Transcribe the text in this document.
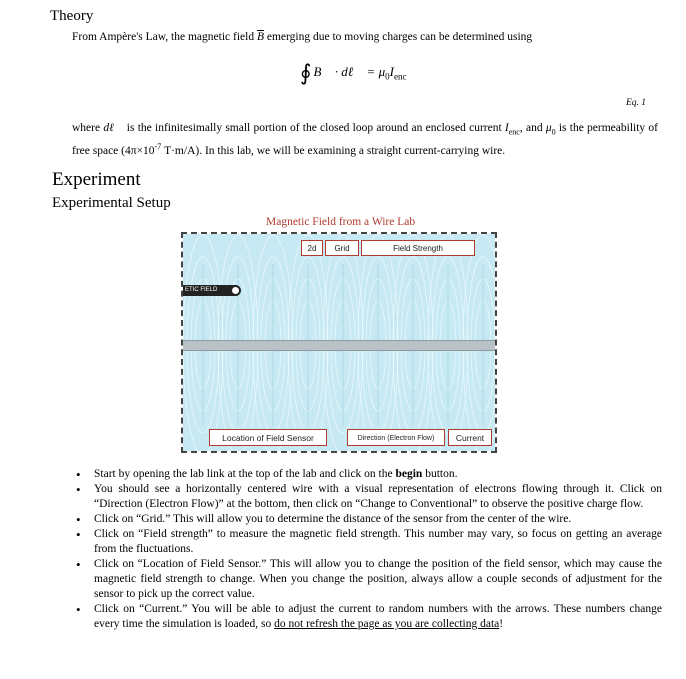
Theory
From Ampère's Law, the magnetic field $\overline{B}$ emerging due to moving charges can be determined using
∮ B⃗ · dℓ⃗ = $\mu_0I_{enc}$
Eq. 1
where dℓ⃗ is the infinitesimally small portion of the closed loop around an enclosed current $I_{enc}$, and $\mu_0$ is the permeability of free space ($4\pi\times 10^{-7}$ T·m/A). In this lab, we will be examining a straight current-carrying wire.
Experiment
Experimental Setup
Magnetic Field from a Wire Lab
ETIC FIELD
2d	Grid	Field Strength
Location of Field Sensor	Direction (Electron Flow)	Current
• Start by opening the lab link at the top of the lab and click on the begin button.
• You should see a horizontally centered wire with a visual representation of electrons flowing through it. Click on “Direction (Electron Flow)” at the bottom, then click on “Change to Conventional” to observe the positive charge flow.
• Click on “Grid.” This will allow you to determine the distance of the sensor from the center of the wire.
• Click on “Field strength” to measure the magnetic field strength. This number may vary, so focus on getting an average from the fluctuations.
• Click on “Location of Field Sensor.” This will allow you to change the position of the field sensor, which may cause the magnetic field strength to change. When you change the position, always allow a couple seconds of adjustment for the sensor to pick up the correct value.
• Click on “Current.” You will be able to adjust the current to random numbers with the arrows. These numbers change every time the simulation is loaded, so do not refresh the page as you are collecting data!
